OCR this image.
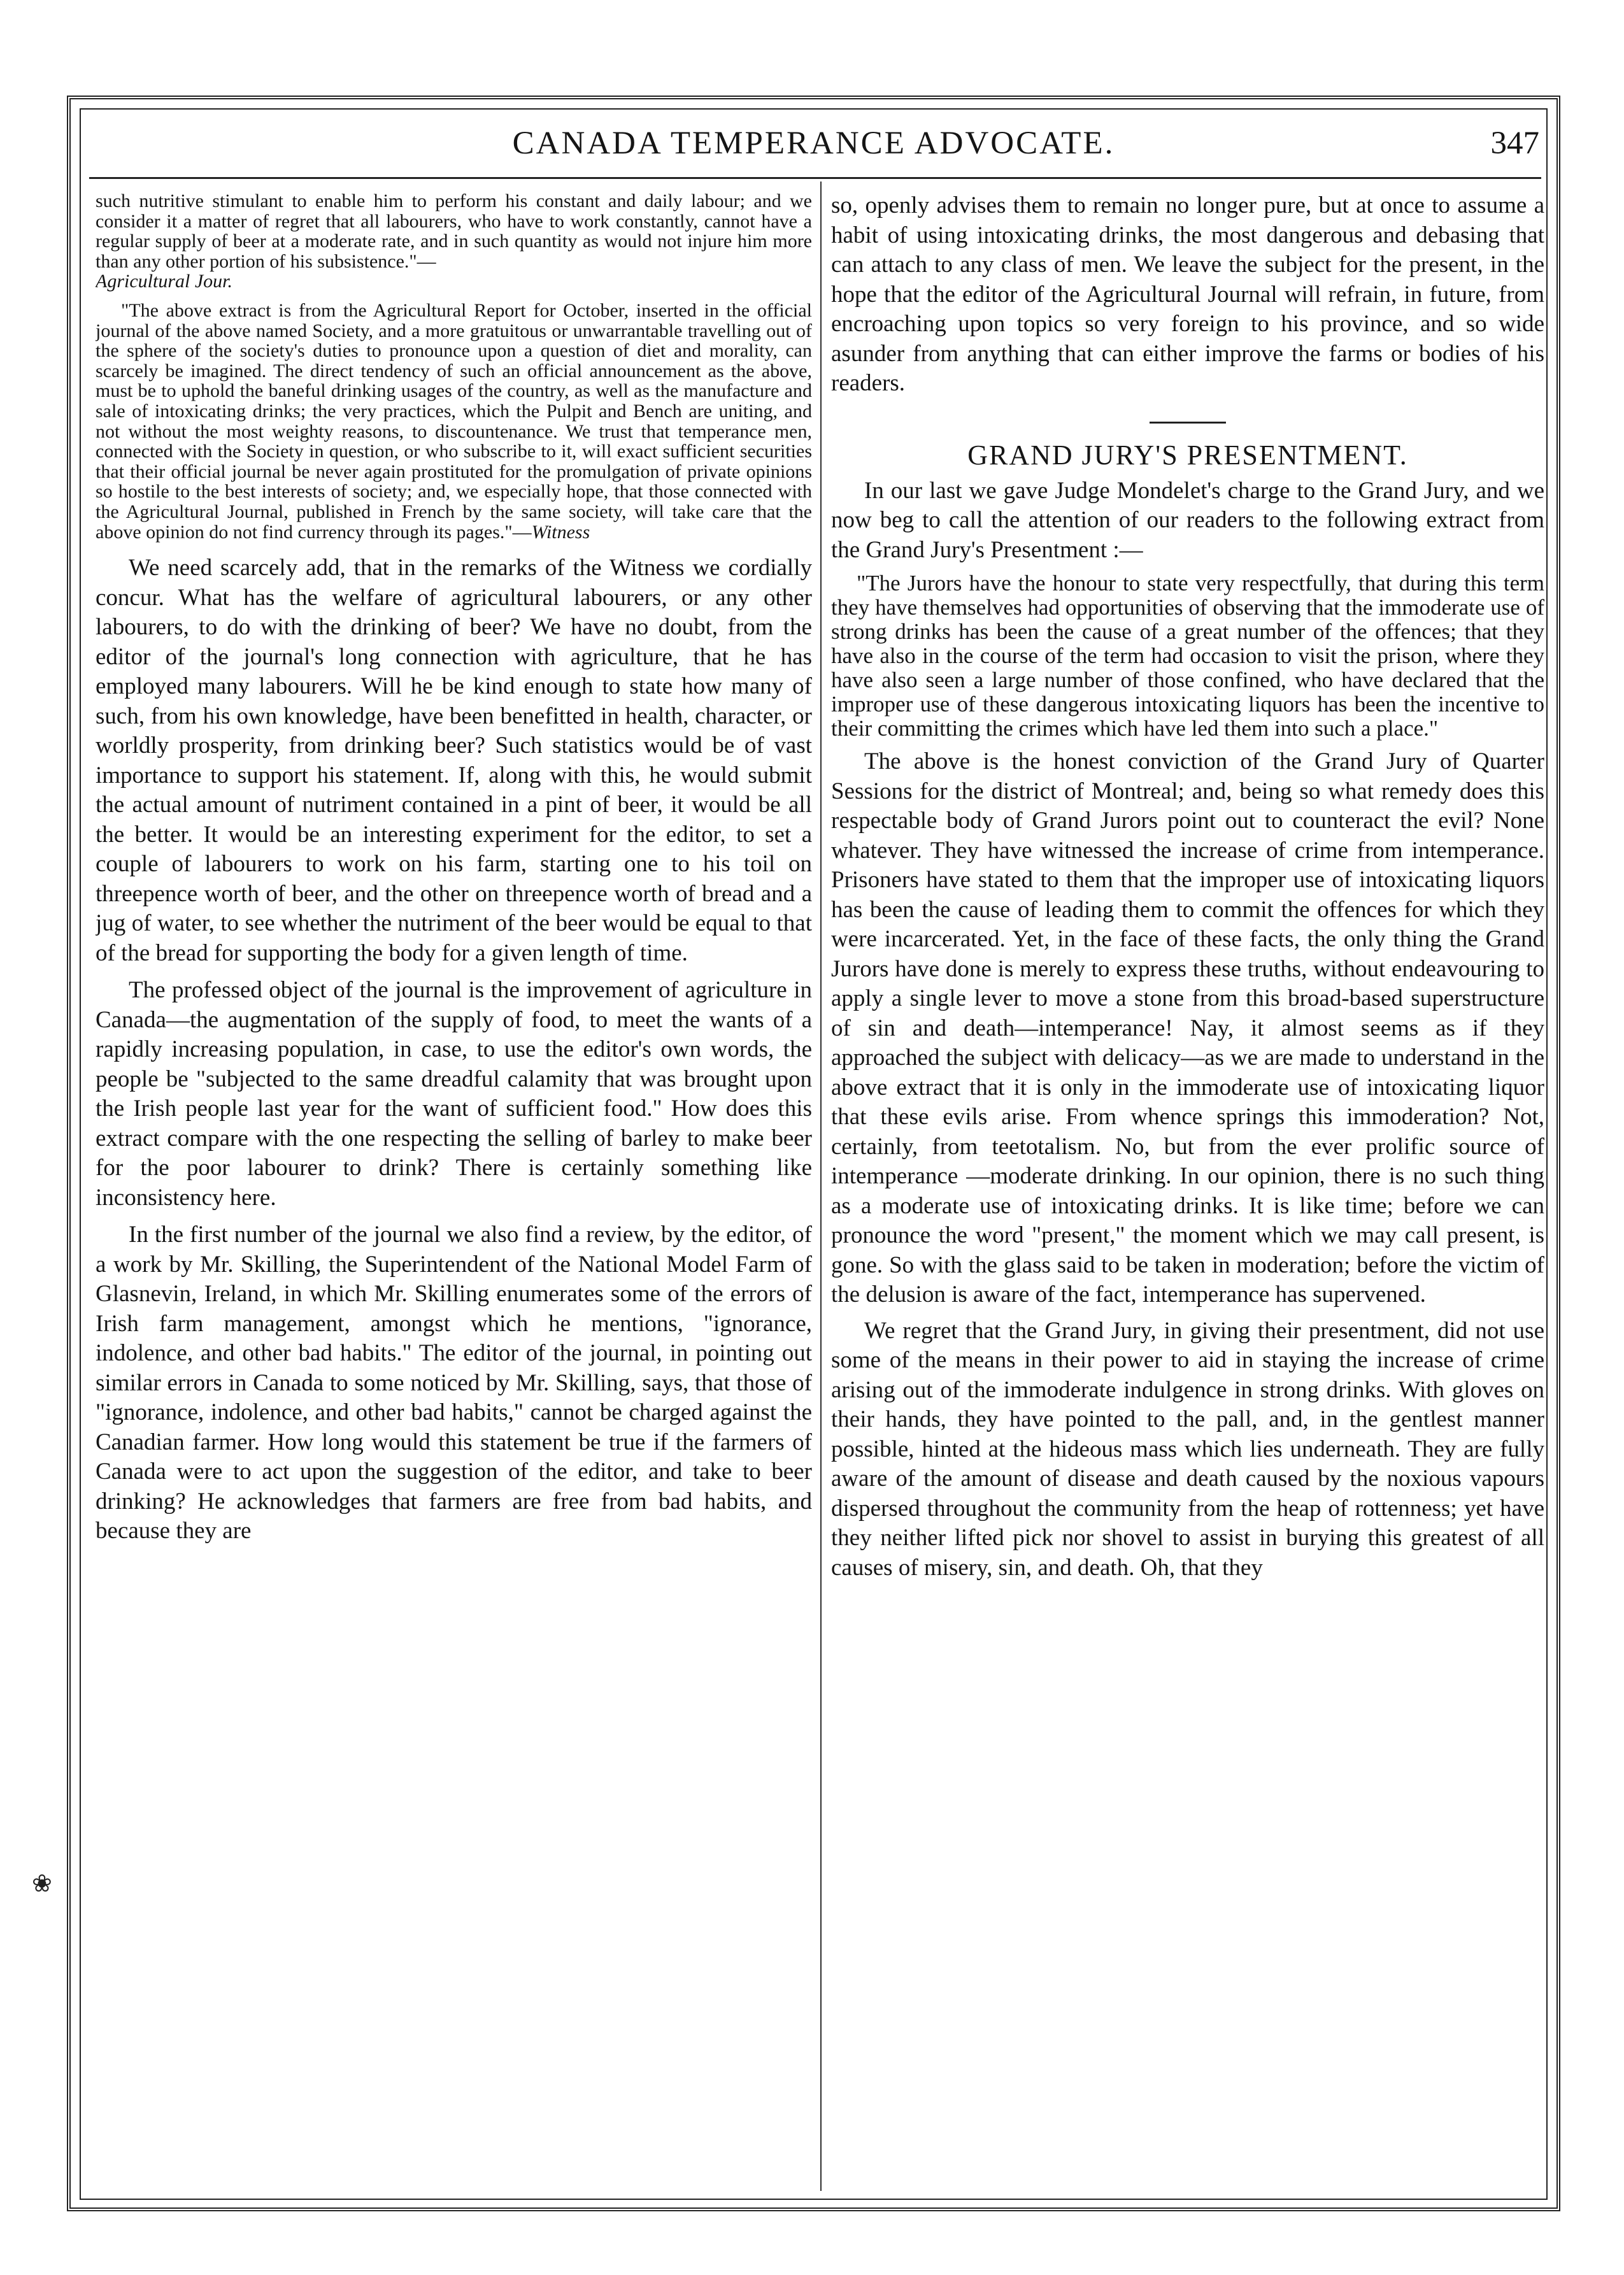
CANADA TEMPERANCE ADVOCATE.	347

such nutritive stimulant to enable him to perform his constant and daily labour; and we consider it a matter of regret that all labourers, who have to work constantly, cannot have a regular supply of beer at a moderate rate, and in such quantity as would not injure him more than any other portion of his subsistence."—
Agricultural Jour.

"The above extract is from the Agricultural Report for October, inserted in the official journal of the above named Society, and a more gratuitous or unwarrantable travelling out of the sphere of the society's duties to pronounce upon a question of diet and morality, can scarcely be imagined. The direct tendency of such an official announcement as the above, must be to uphold the baneful drinking usages of the country, as well as the manufacture and sale of intoxicating drinks; the very practices, which the Pulpit and Bench are uniting, and not without the most weighty reasons, to discountenance. We trust that temperance men, connected with the Society in question, or who subscribe to it, will exact sufficient securities that their official journal be never again prostituted for the promulgation of private opinions so hostile to the best interests of society; and, we especially hope, that those connected with the Agricultural Journal, published in French by the same society, will take care that the above opinion do not find currency through its pages."—Witness

We need scarcely add, that in the remarks of the Witness we cordially concur. What has the welfare of agricultural labourers, or any other labourers, to do with the drinking of beer? We have no doubt, from the editor of the journal's long connection with agriculture, that he has employed many labourers. Will he be kind enough to state how many of such, from his own knowledge, have been benefitted in health, character, or worldly prosperity, from drinking beer? Such statistics would be of vast importance to support his statement. If, along with this, he would submit the actual amount of nutriment contained in a pint of beer, it would be all the better. It would be an interesting experiment for the editor, to set a couple of labourers to work on his farm, starting one to his toil on threepence worth of beer, and the other on threepence worth of bread and a jug of water, to see whether the nutriment of the beer would be equal to that of the bread for supporting the body for a given length of time.

The professed object of the journal is the improvement of agriculture in Canada—the augmentation of the supply of food, to meet the wants of a rapidly increasing population, in case, to use the editor's own words, the people be "subjected to the same dreadful calamity that was brought upon the Irish people last year for the want of sufficient food." How does this extract compare with the one respecting the selling of barley to make beer for the poor labourer to drink? There is certainly something like inconsistency here.

In the first number of the journal we also find a review, by the editor, of a work by Mr. Skilling, the Superintendent of the National Model Farm of Glasnevin, Ireland, in which Mr. Skilling enumerates some of the errors of Irish farm management, amongst which he mentions, "ignorance, indolence, and other bad habits." The editor of the journal, in pointing out similar errors in Canada to some noticed by Mr. Skilling, says, that those of "ignorance, indolence, and other bad habits," cannot be charged against the Canadian farmer. How long would this statement be true if the farmers of Canada were to act upon the suggestion of the editor, and take to beer drinking? He acknowledges that farmers are free from bad habits, and because they are

so, openly advises them to remain no longer pure, but at once to assume a habit of using intoxicating drinks, the most dangerous and debasing that can attach to any class of men. We leave the subject for the present, in the hope that the editor of the Agricultural Journal will refrain, in future, from encroaching upon topics so very foreign to his province, and so wide asunder from anything that can either improve the farms or bodies of his readers.

GRAND JURY'S PRESENTMENT.

In our last we gave Judge Mondelet's charge to the Grand Jury, and we now beg to call the attention of our readers to the following extract from the Grand Jury's Presentment :—

"The Jurors have the honour to state very respectfully, that during this term they have themselves had opportunities of observing that the immoderate use of strong drinks has been the cause of a great number of the offences; that they have also in the course of the term had occasion to visit the prison, where they have also seen a large number of those confined, who have declared that the improper use of these dangerous intoxicating liquors has been the incentive to their committing the crimes which have led them into such a place."

The above is the honest conviction of the Grand Jury of Quarter Sessions for the district of Montreal; and, being so what remedy does this respectable body of Grand Jurors point out to counteract the evil? None whatever. They have witnessed the increase of crime from intemperance. Prisoners have stated to them that the improper use of intoxicating liquors has been the cause of leading them to commit the offences for which they were incarcerated. Yet, in the face of these facts, the only thing the Grand Jurors have done is merely to express these truths, without endeavouring to apply a single lever to move a stone from this broad-based superstructure of sin and death—intemperance! Nay, it almost seems as if they approached the subject with delicacy—as we are made to understand in the above extract that it is only in the immoderate use of intoxicating liquor that these evils arise. From whence springs this immoderation? Not, certainly, from teetotalism. No, but from the ever prolific source of intemperance —moderate drinking. In our opinion, there is no such thing as a moderate use of intoxicating drinks. It is like time; before we can pronounce the word "present," the moment which we may call present, is gone. So with the glass said to be taken in moderation; before the victim of the delusion is aware of the fact, intemperance has supervened.

We regret that the Grand Jury, in giving their presentment, did not use some of the means in their power to aid in staying the increase of crime arising out of the immoderate indulgence in strong drinks. With gloves on their hands, they have pointed to the pall, and, in the gentlest manner possible, hinted at the hideous mass which lies underneath. They are fully aware of the amount of disease and death caused by the noxious vapours dispersed throughout the community from the heap of rottenness; yet have they neither lifted pick nor shovel to assist in burying this greatest of all causes of misery, sin, and death. Oh, that they

❀
